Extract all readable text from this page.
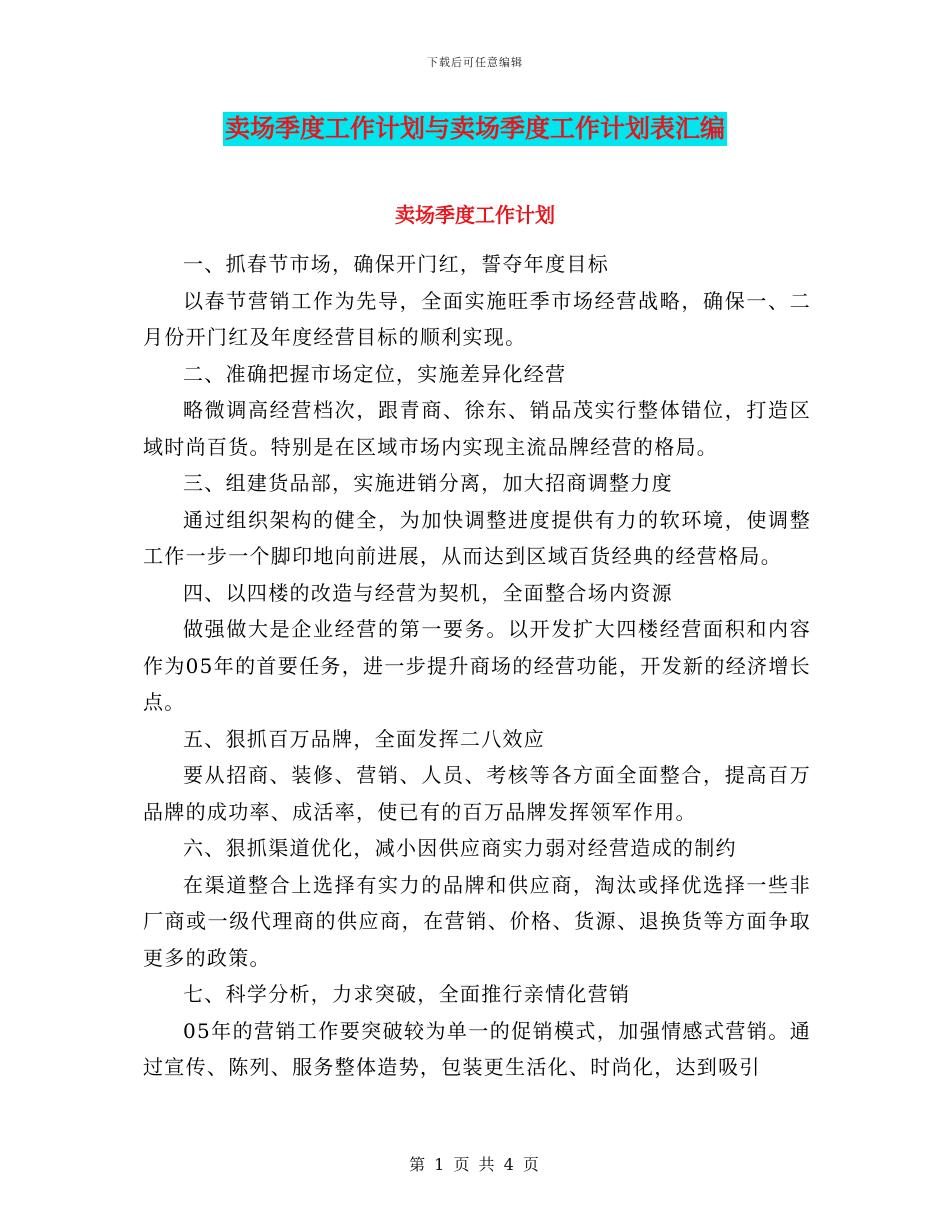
下载后可任意编辑
卖场季度工作计划与卖场季度工作计划表汇编
卖场季度工作计划

一、抓春节市场，确保开门红，誓夺年度目标

以春节营销工作为先导，全面实施旺季市场经营战略，确保一、二月份开门红及年度经营目标的顺利实现。

二、准确把握市场定位，实施差异化经营

略微调高经营档次，跟青商、徐东、销品茂实行整体错位，打造区域时尚百货。特别是在区域市场内实现主流品牌经营的格局。

三、组建货品部，实施进销分离，加大招商调整力度

通过组织架构的健全，为加快调整进度提供有力的软环境，使调整工作一步一个脚印地向前进展，从而达到区域百货经典的经营格局。

四、以四楼的改造与经营为契机，全面整合场内资源

做强做大是企业经营的第一要务。以开发扩大四楼经营面积和内容作为05年的首要任务，进一步提升商场的经营功能，开发新的经济增长点。

五、狠抓百万品牌，全面发挥二八效应

要从招商、装修、营销、人员、考核等各方面全面整合，提高百万品牌的成功率、成活率，使已有的百万品牌发挥领军作用。

六、狠抓渠道优化，减小因供应商实力弱对经营造成的制约

在渠道整合上选择有实力的品牌和供应商，淘汰或择优选择一些非厂商或一级代理商的供应商，在营销、价格、货源、退换货等方面争取更多的政策。

七、科学分析，力求突破，全面推行亲情化营销

05年的营销工作要突破较为单一的促销模式，加强情感式营销。通过宣传、陈列、服务整体造势，包装更生活化、时尚化，达到吸引

第 1 页 共 4 页
